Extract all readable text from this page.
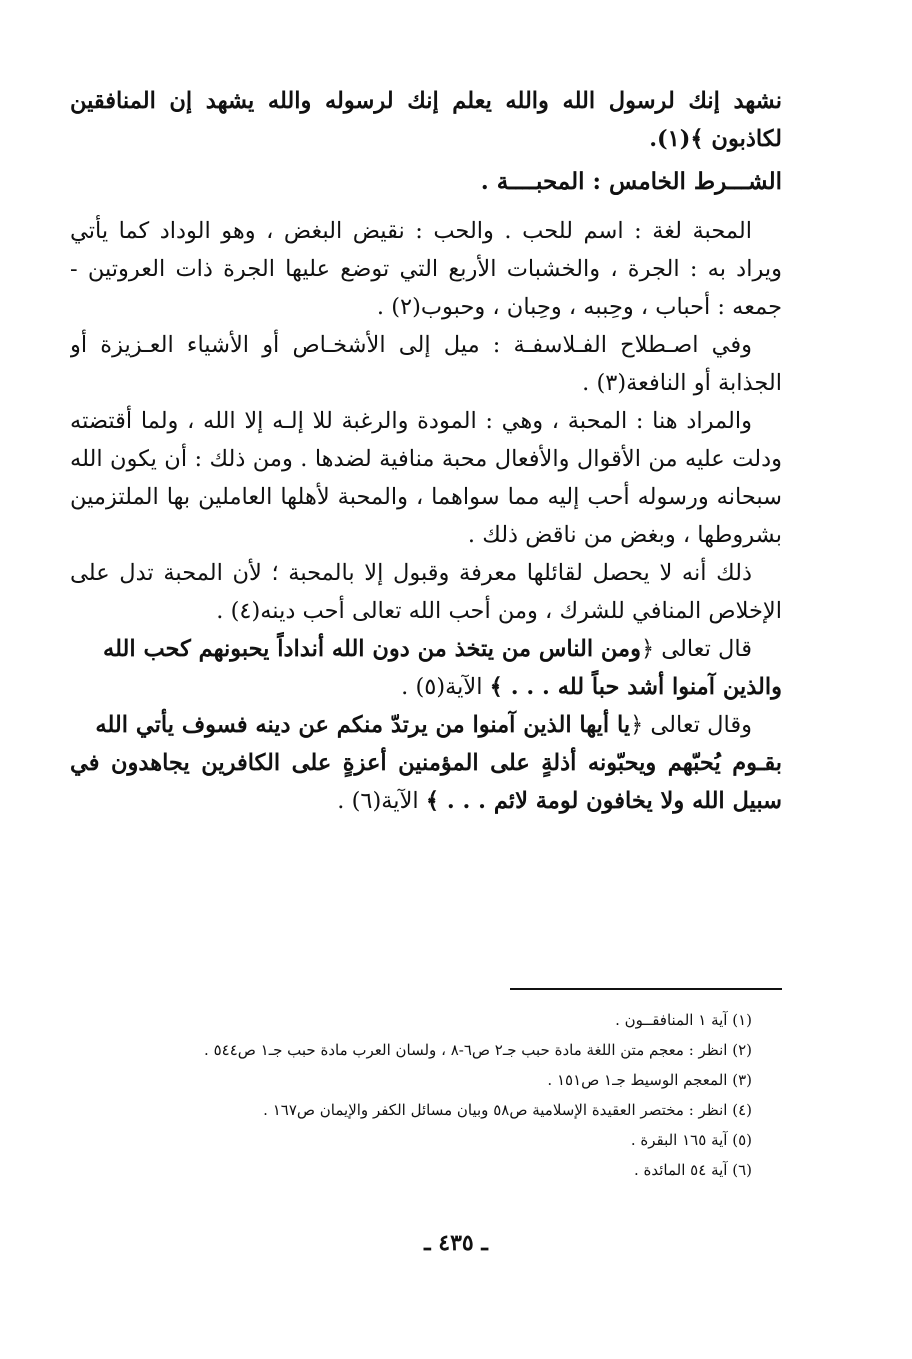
نشهد إنك لرسول الله والله يعلم إنك لرسوله والله يشهد إن المنافقين
لكاذبون ﴾(١).
الشـــرط الخامس : المحبــــة .
المحبة لغة : اسم للحب . والحب : نقيض البغض ، وهو الوداد كما يأتي
ويراد به : الجرة ، والخشبات الأربع التي توضع عليها الجرة ذات العروتين -
جمعه : أحباب ، وحِببه ، وحِبان ، وحبوب(٢) .
وفي اصـطلاح الفـلاسفـة : ميل إلى الأشخـاص أو الأشياء العـزيزة أو
الجذابة أو النافعة(٣) .
والمراد هنا : المحبة ، وهي : المودة والرغبة للا إلـه إلا الله ، ولما أقتضته
ودلت عليه من الأقوال والأفعال محبة منافية لضدها . ومن ذلك : أن يكون الله
سبحانه ورسوله أحب إليه مما سواهما ، والمحبة لأهلها العاملين بها الملتزمين
بشروطها ، وبغض من ناقض ذلك .
ذلك أنه لا يحصل لقائلها معرفة وقبول إلا بالمحبة ؛ لأن المحبة تدل على
الإخلاص المنافي للشرك ، ومن أحب الله تعالى أحب دينه(٤) .
قال تعالى ﴿ومن الناس من يتخذ من دون الله أنداداً يحبونهم كحب الله
والذين آمنوا أشد حباً لله . . . ﴾ الآية(٥) .
وقال تعالى ﴿يا أيها الذين آمنوا من يرتدّ منكم عن دينه فسوف يأتي الله
بقـوم يُحبّهم ويحبّونه أذلةٍ على المؤمنين أعزةٍ على الكافرين يجاهدون في
سبيل الله ولا يخافون لومة لائم . . . ﴾ الآية(٦) .
(١) آية ١ المنافقــون .
(٢) انظر : معجم متن اللغة مادة حبب جـ٢ ص٦-٨ ، ولسان العرب مادة حبب جـ١ ص٥٤٤ .
(٣) المعجم الوسيط جـ١ ص١٥١ .
(٤) انظر : مختصر العقيدة الإسلامية ص٥٨ وبيان مسائل الكفر والإيمان ص١٦٧ .
(٥) آية ١٦٥ البقرة .
(٦) آية ٥٤ المائدة .
ـ ٤٣٥ ـ
